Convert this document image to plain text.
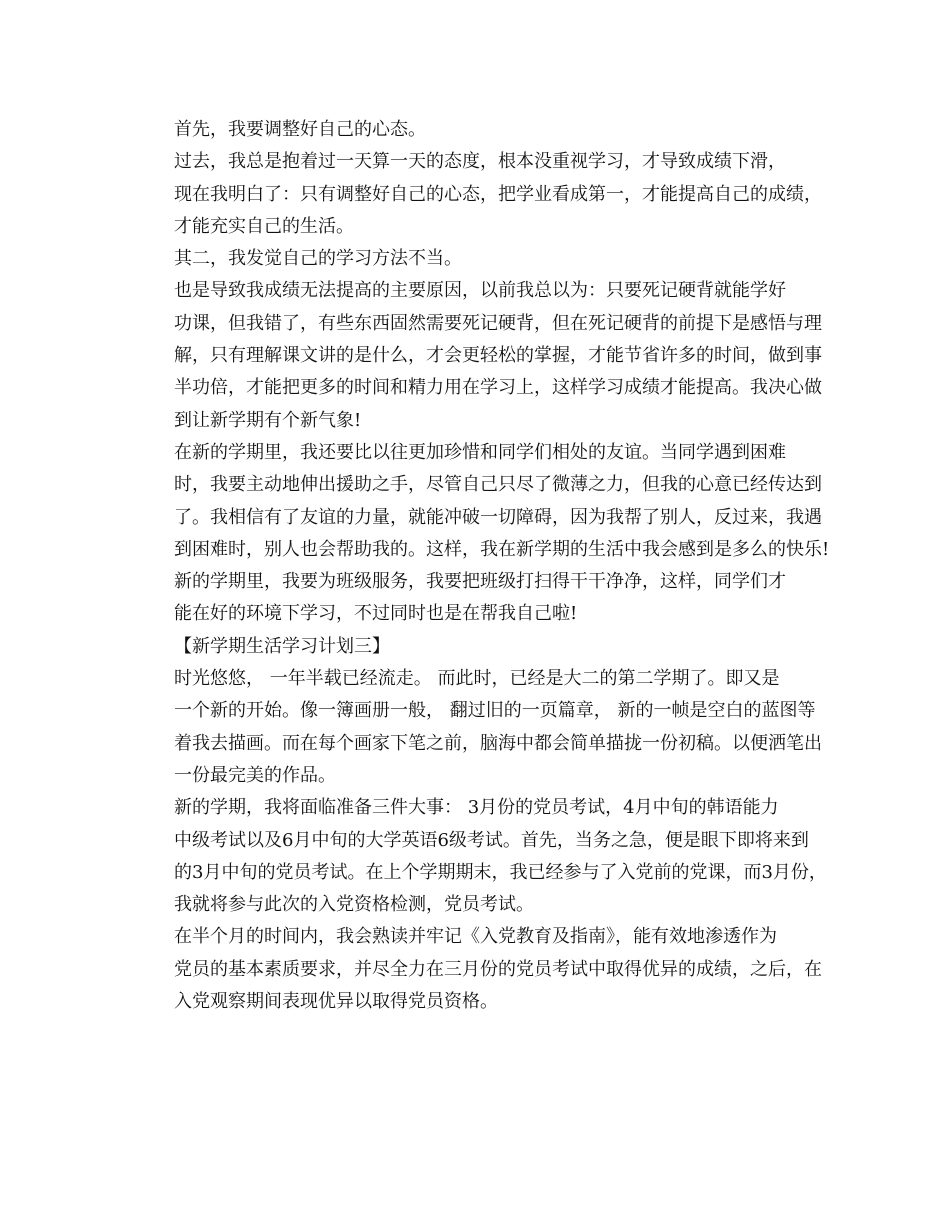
首先，我要调整好自己的心态。

过去，我总是抱着过一天算一天的态度，根本没重视学习，才导致成绩下滑，
现在我明白了：只有调整好自己的心态，把学业看成第一，才能提高自己的成绩，
才能充实自己的生活。

其二，我发觉自己的学习方法不当。

也是导致我成绩无法提高的主要原因，以前我总以为：只要死记硬背就能学好
功课，但我错了，有些东西固然需要死记硬背，但在死记硬背的前提下是感悟与理
解，只有理解课文讲的是什么，才会更轻松的掌握，才能节省许多的时间，做到事
半功倍，才能把更多的时间和精力用在学习上，这样学习成绩才能提高。我决心做
到让新学期有个新气象!

在新的学期里，我还要比以往更加珍惜和同学们相处的友谊。当同学遇到困难
时，我要主动地伸出援助之手，尽管自己只尽了微薄之力，但我的心意已经传达到
了。我相信有了友谊的力量，就能冲破一切障碍，因为我帮了别人，反过来，我遇
到困难时，别人也会帮助我的。这样，我在新学期的生活中我会感到是多么的快乐!

新的学期里，我要为班级服务，我要把班级打扫得干干净净，这样，同学们才
能在好的环境下学习，不过同时也是在帮我自己啦!

【新学期生活学习计划三】

时光悠悠， 一年半载已经流走。 而此时，已经是大二的第二学期了。即又是
一个新的开始。像一簿画册一般， 翻过旧的一页篇章， 新的一帧是空白的蓝图等
着我去描画。而在每个画家下笔之前，脑海中都会简单描拢一份初稿。以便洒笔出
一份最完美的作品。

新的学期，我将面临准备三件大事： 3月份的党员考试，4月中旬的韩语能力
中级考试以及6月中旬的大学英语6级考试。首先，当务之急，便是眼下即将来到
的3月中旬的党员考试。在上个学期期末，我已经参与了入党前的党课，而3月份，
我就将参与此次的入党资格检测，党员考试。

在半个月的时间内，我会熟读并牢记《入党教育及指南》，能有效地渗透作为
党员的基本素质要求，并尽全力在三月份的党员考试中取得优异的成绩，之后，在
入党观察期间表现优异以取得党员资格。
